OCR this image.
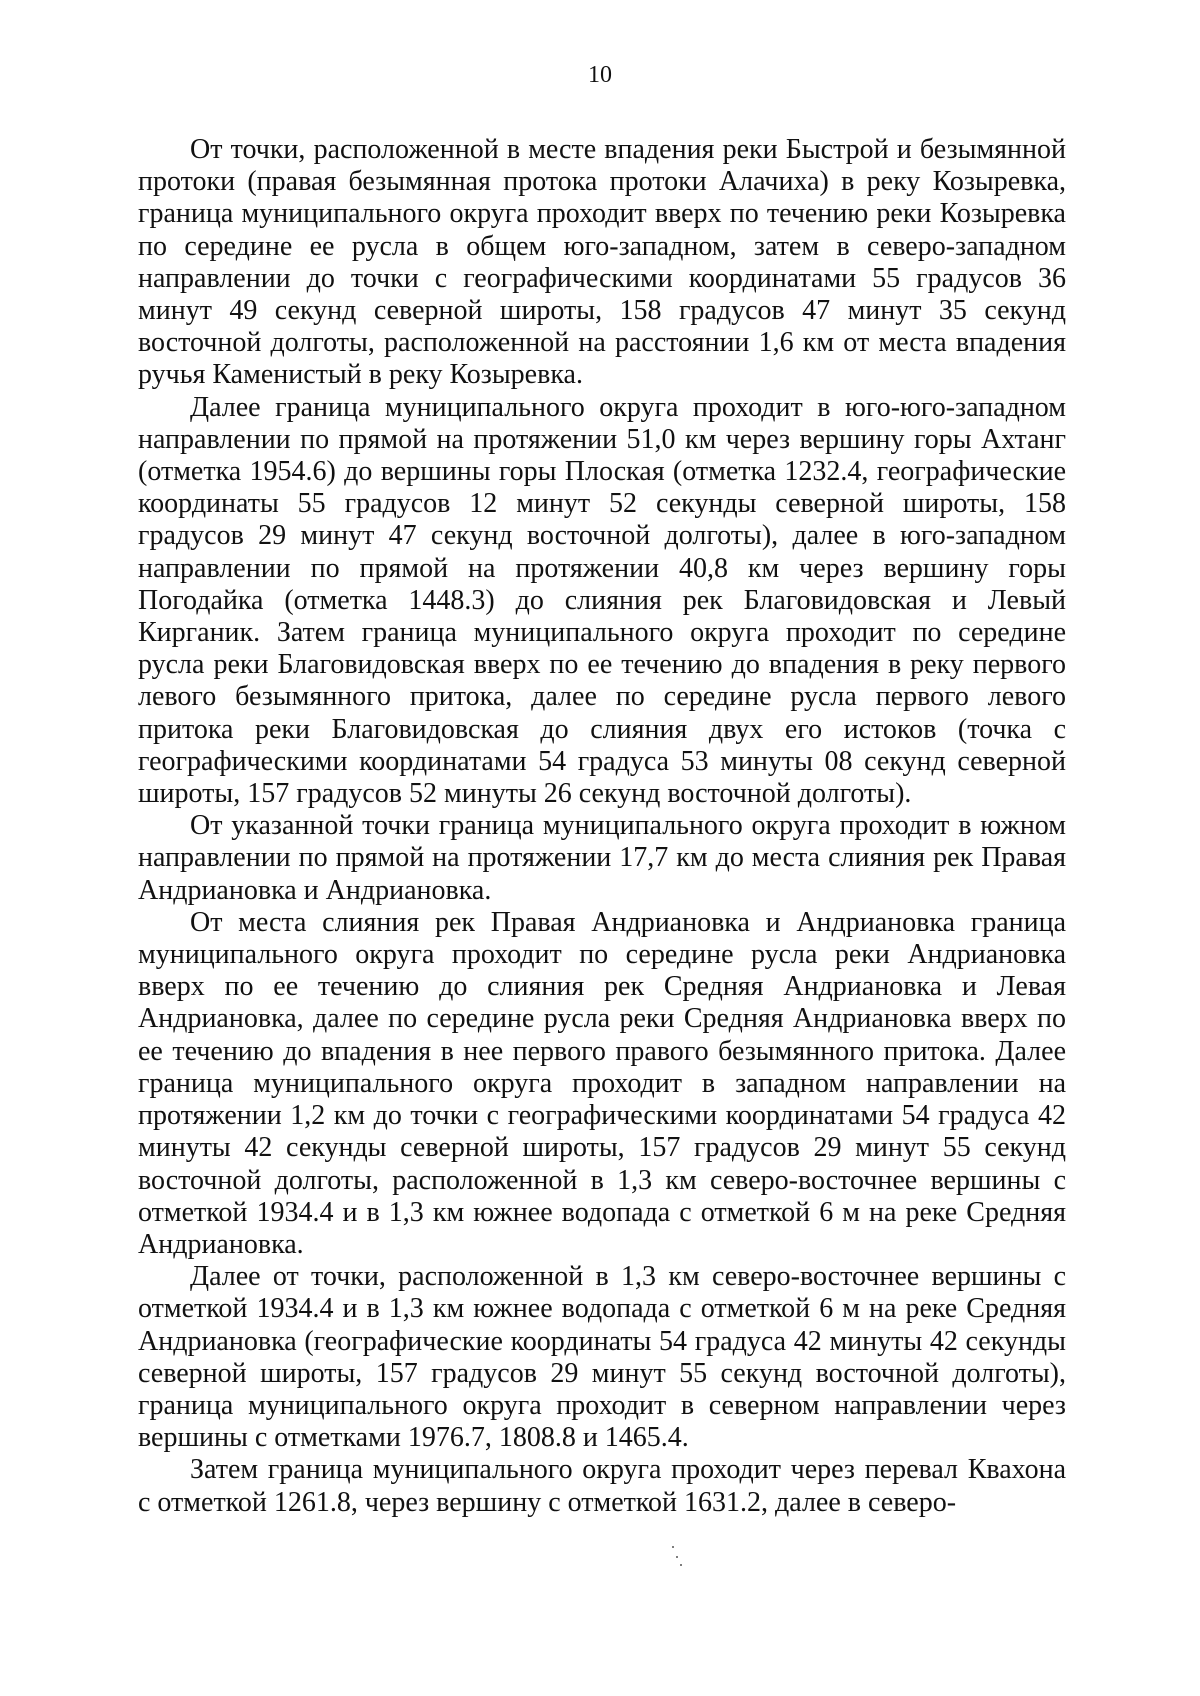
10

От точки, расположенной в месте впадения реки Быстрой и безымянной протоки (правая безымянная протока протоки Алачиха) в реку Козыревка, граница муниципального округа проходит вверх по течению реки Козыревка по середине ее русла в общем юго-западном, затем в северо-западном направлении до точки с географическими координатами 55 градусов 36 минут 49 секунд северной широты, 158 градусов 47 минут 35 секунд восточной долготы, расположенной на расстоянии 1,6 км от места впадения ручья Каменистый в реку Козыревка.

Далее граница муниципального округа проходит в юго-юго-западном направлении по прямой на протяжении 51,0 км через вершину горы Ахтанг (отметка 1954.6) до вершины горы Плоская (отметка 1232.4, географические координаты 55 градусов 12 минут 52 секунды северной широты, 158 градусов 29 минут 47 секунд восточной долготы), далее в юго-западном направлении по прямой на протяжении 40,8 км через вершину горы Погодайка (отметка 1448.3) до слияния рек Благовидовская и Левый Кирганик. Затем граница муниципального округа проходит по середине русла реки Благовидовская вверх по ее течению до впадения в реку первого левого безымянного притока, далее по середине русла первого левого притока реки Благовидовская до слияния двух его истоков (точка с географическими координатами 54 градуса 53 минуты 08 секунд северной широты, 157 градусов 52 минуты 26 секунд восточной долготы).

От указанной точки граница муниципального округа проходит в южном направлении по прямой на протяжении 17,7 км до места слияния рек Правая Андриановка и Андриановка.

От места слияния рек Правая Андриановка и Андриановка граница муниципального округа проходит по середине русла реки Андриановка вверх по ее течению до слияния рек Средняя Андриановка и Левая Андриановка, далее по середине русла реки Средняя Андриановка вверх по ее течению до впадения в нее первого правого безымянного притока. Далее граница муниципального округа проходит в западном направлении на протяжении 1,2 км до точки с географическими координатами 54 градуса 42 минуты 42 секунды северной широты, 157 градусов 29 минут 55 секунд восточной долготы, расположенной в 1,3 км северо-восточнее вершины с отметкой 1934.4 и в 1,3 км южнее водопада с отметкой 6 м на реке Средняя Андриановка.

Далее от точки, расположенной в 1,3 км северо-восточнее вершины с отметкой 1934.4 и в 1,3 км южнее водопада с отметкой 6 м на реке Средняя Андриановка (географические координаты 54 градуса 42 минуты 42 секунды северной широты, 157 градусов 29 минут 55 секунд восточной долготы), граница муниципального округа проходит в северном направлении через вершины с отметками 1976.7, 1808.8 и 1465.4.

Затем граница муниципального округа проходит через перевал Квахона с отметкой 1261.8, через вершину с отметкой 1631.2, далее в северо-
